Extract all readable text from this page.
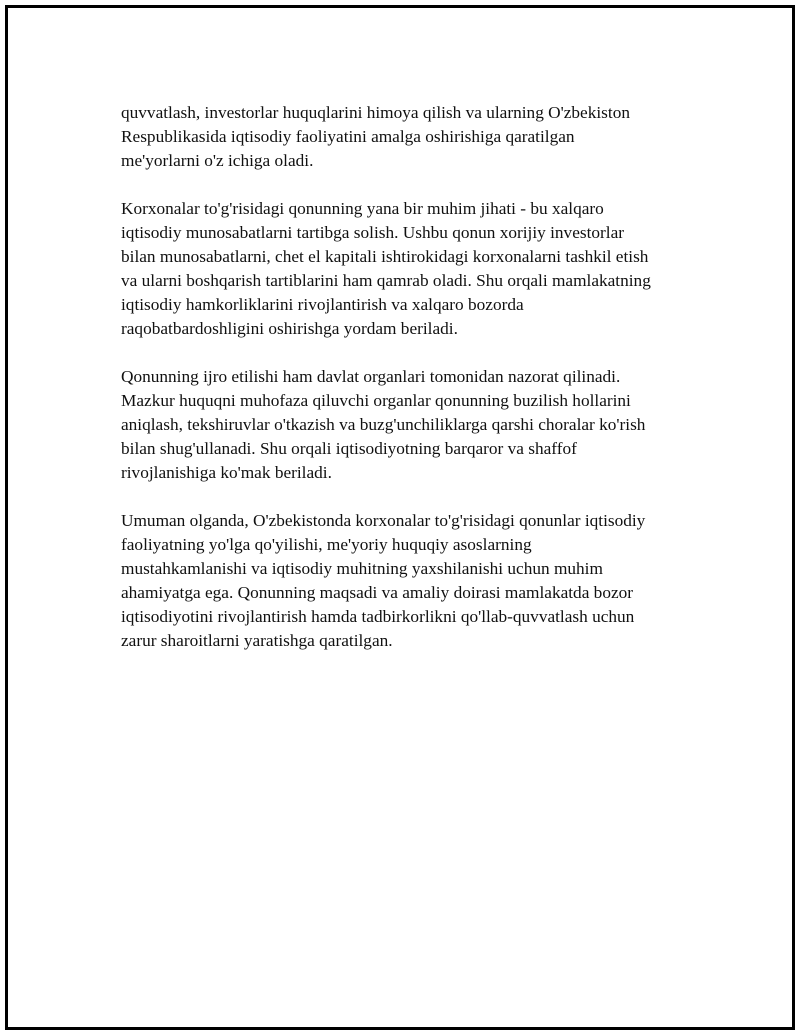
quvvatlash, investorlar huquqlarini himoya qilish va ularning O'zbekiston
Respublikasida iqtisodiy faoliyatini amalga oshirishiga qaratilgan
me'yorlarni o'z ichiga oladi.

Korxonalar to'g'risidagi qonunning yana bir muhim jihati - bu xalqaro
iqtisodiy munosabatlarni tartibga solish. Ushbu qonun xorijiy investorlar
bilan munosabatlarni, chet el kapitali ishtirokidagi korxonalarni tashkil etish
va ularni boshqarish tartiblarini ham qamrab oladi. Shu orqali mamlakatning
iqtisodiy hamkorliklarini rivojlantirish va xalqaro bozorda
raqobatbardoshligini oshirishga yordam beriladi.

Qonunning ijro etilishi ham davlat organlari tomonidan nazorat qilinadi.
Mazkur huquqni muhofaza qiluvchi organlar qonunning buzilish hollarini
aniqlash, tekshiruvlar o'tkazish va buzg'unchiliklarga qarshi choralar ko'rish
bilan shug'ullanadi. Shu orqali iqtisodiyotning barqaror va shaffof
rivojlanishiga ko'mak beriladi.

Umuman olganda, O'zbekistonda korxonalar to'g'risidagi qonunlar iqtisodiy
faoliyatning yo'lga qo'yilishi, me'yoriy huquqiy asoslarning
mustahkamlanishi va iqtisodiy muhitning yaxshilanishi uchun muhim
ahamiyatga ega. Qonunning maqsadi va amaliy doirasi mamlakatda bozor
iqtisodiyotini rivojlantirish hamda tadbirkorlikni qo'llab-quvvatlash uchun
zarur sharoitlarni yaratishga qaratilgan.
